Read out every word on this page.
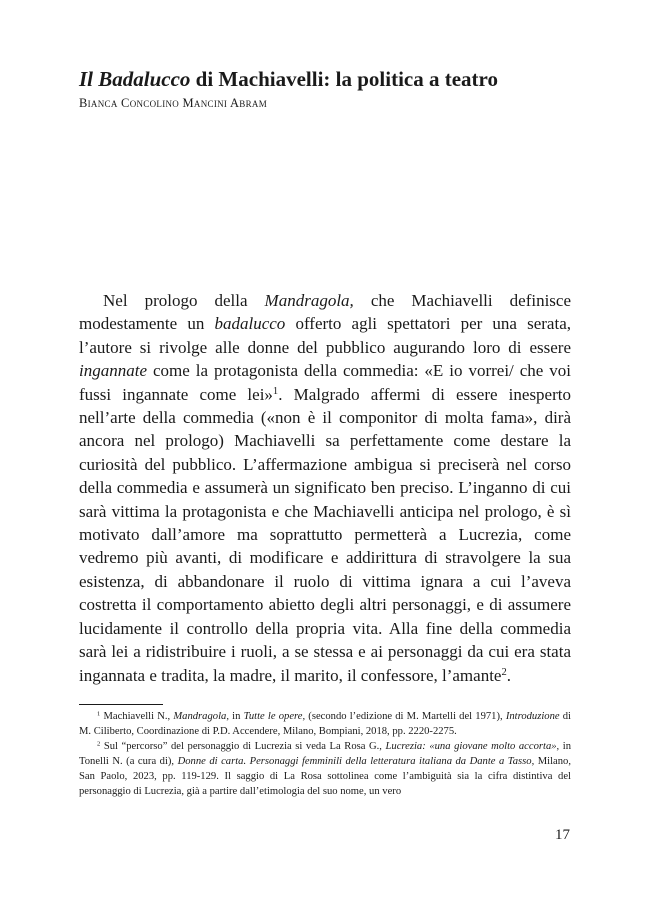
Il Badalucco di Machiavelli: la politica a teatro
Bianca Concolino Mancini Abram

Nel prologo della Mandragola, che Machiavelli definisce modestamente un badalucco offerto agli spettatori per una serata, l’autore si rivolge alle donne del pubblico augurando loro di essere ingannate come la protagonista della commedia: «E io vorrei/ che voi fussi ingannate come lei»$^1$. Malgrado affermi di essere inesperto nell’arte della commedia («non è il componitor di molta fama», dirà ancora nel prologo) Machiavelli sa perfettamente come destare la curiosità del pubblico. L’affermazione ambigua si preciserà nel corso della commedia e assumerà un significato ben preciso. L’inganno di cui sarà vittima la protagonista e che Machiavelli anticipa nel prologo, è sì motivato dall’amore ma soprattutto permetterà a Lucrezia, come vedremo più avanti, di modificare e addirittura di stravolgere la sua esistenza, di abbandonare il ruolo di vittima ignara a cui l’aveva costretta il comportamento abietto degli altri personaggi, e di assumere lucidamente il controllo della propria vita. Alla fine della commedia sarà lei a ridistribuire i ruoli, a se stessa e ai personaggi da cui era stata ingannata e tradita, la madre, il marito, il confessore, l’amante$^2$.

$^1$ Machiavelli N., Mandragola, in Tutte le opere, (secondo l’edizione di M. Martelli del 1971), Introduzione di M. Ciliberto, Coordinazione di P.D. Accendere, Milano, Bompiani, 2018, pp. 2220-2275.

$^2$ Sul “percorso” del personaggio di Lucrezia si veda La Rosa G., Lucrezia: «una giovane molto accorta», in Tonelli N. (a cura di), Donne di carta. Personaggi femminili della letteratura italiana da Dante a Tasso, Milano, San Paolo, 2023, pp. 119-129. Il saggio di La Rosa sottolinea come l’ambiguità sia la cifra distintiva del personaggio di Lucrezia, già a partire dall’etimologia del suo nome, un vero

17
